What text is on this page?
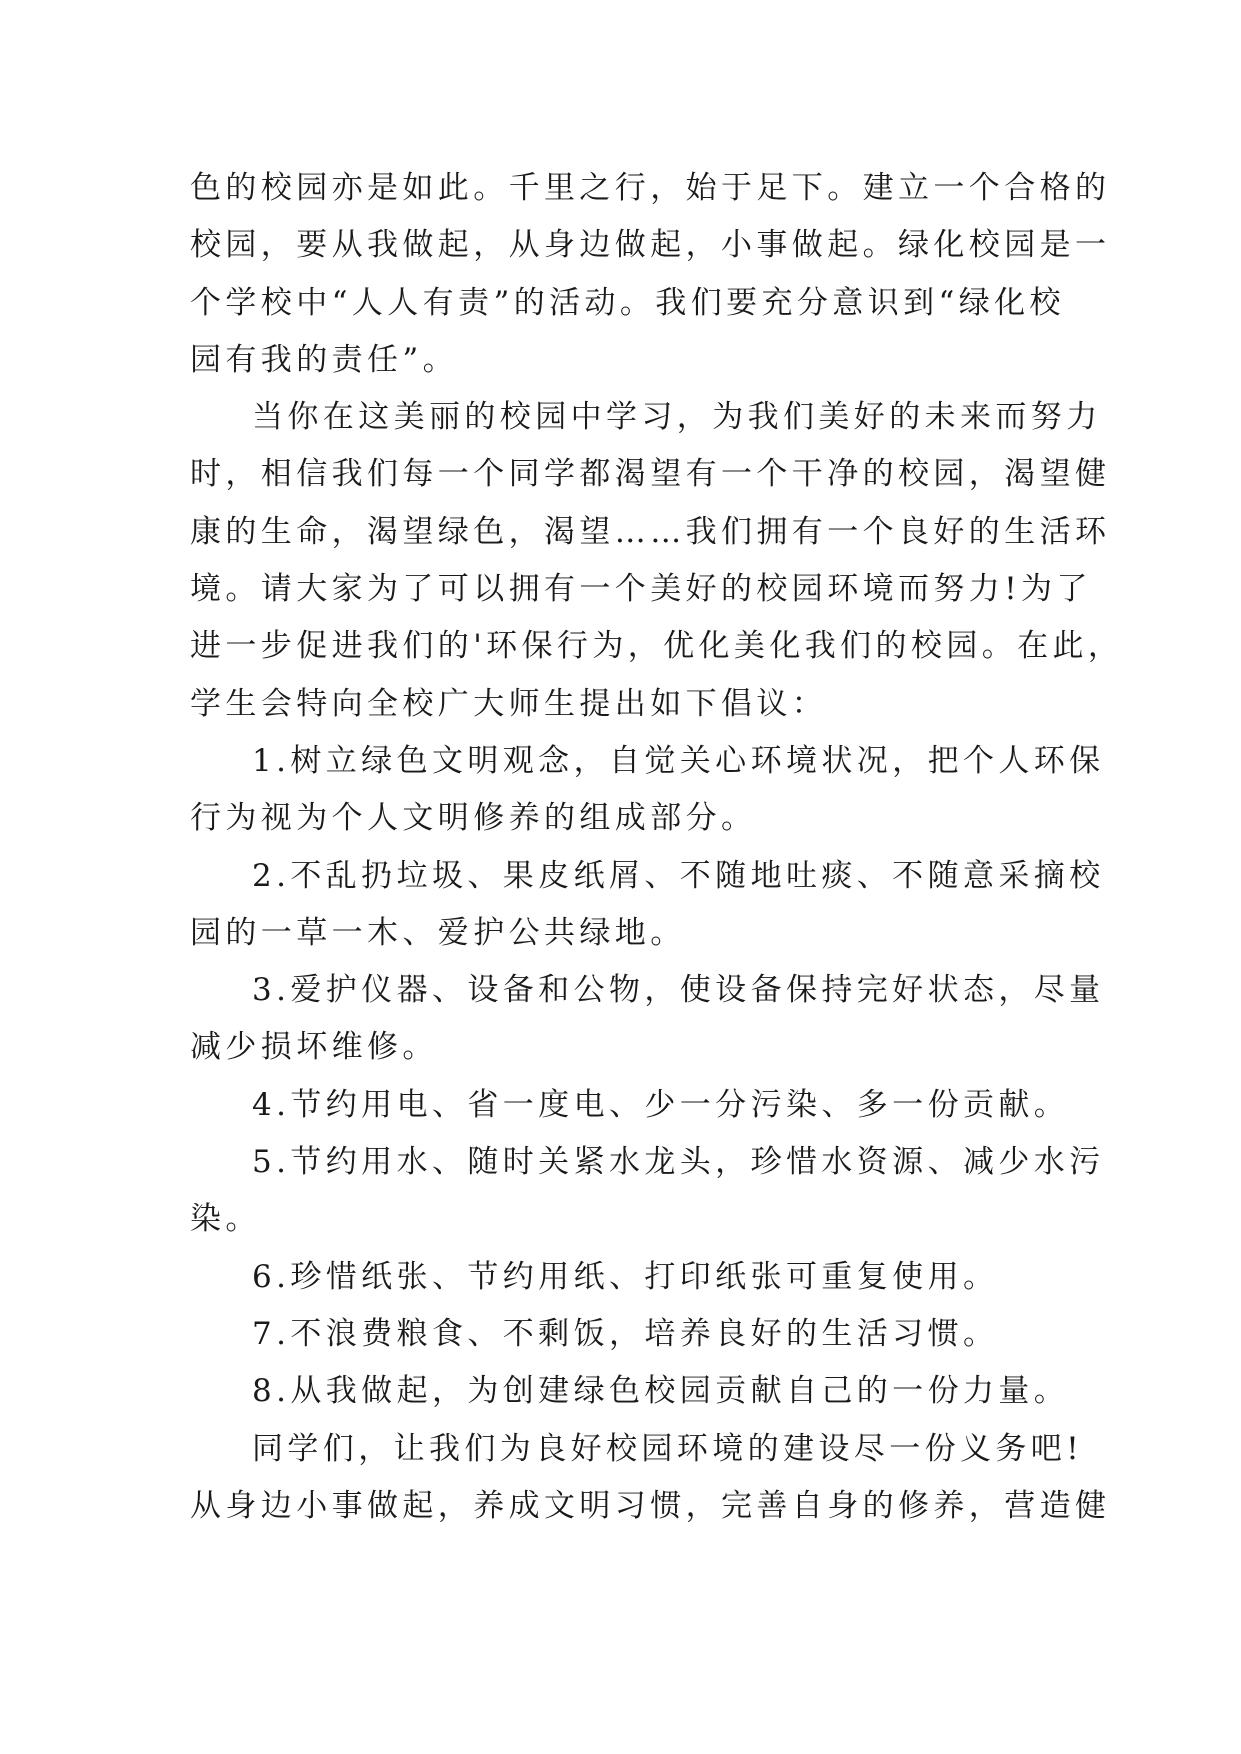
色的校园亦是如此。千里之行，始于足下。建立一个合格的
校园，要从我做起，从身边做起，小事做起。绿化校园是一
个学校中“人人有责”的活动。我们要充分意识到“绿化校
园有我的责任”。
当你在这美丽的校园中学习，为我们美好的未来而努力
时，相信我们每一个同学都渴望有一个干净的校园，渴望健
康的生命，渴望绿色，渴望……我们拥有一个良好的生活环
境。请大家为了可以拥有一个美好的校园环境而努力!为了
进一步促进我们的'环保行为，优化美化我们的校园。在此，
学生会特向全校广大师生提出如下倡议：
1.树立绿色文明观念，自觉关心环境状况，把个人环保
行为视为个人文明修养的组成部分。
2.不乱扔垃圾、果皮纸屑、不随地吐痰、不随意采摘校
园的一草一木、爱护公共绿地。
3.爱护仪器、设备和公物，使设备保持完好状态，尽量
减少损坏维修。
4.节约用电、省一度电、少一分污染、多一份贡献。
5.节约用水、随时关紧水龙头，珍惜水资源、减少水污
染。
6.珍惜纸张、节约用纸、打印纸张可重复使用。
7.不浪费粮食、不剩饭，培养良好的生活习惯。
8.从我做起，为创建绿色校园贡献自己的一份力量。
同学们，让我们为良好校园环境的建设尽一份义务吧!
从身边小事做起，养成文明习惯，完善自身的修养，营造健
